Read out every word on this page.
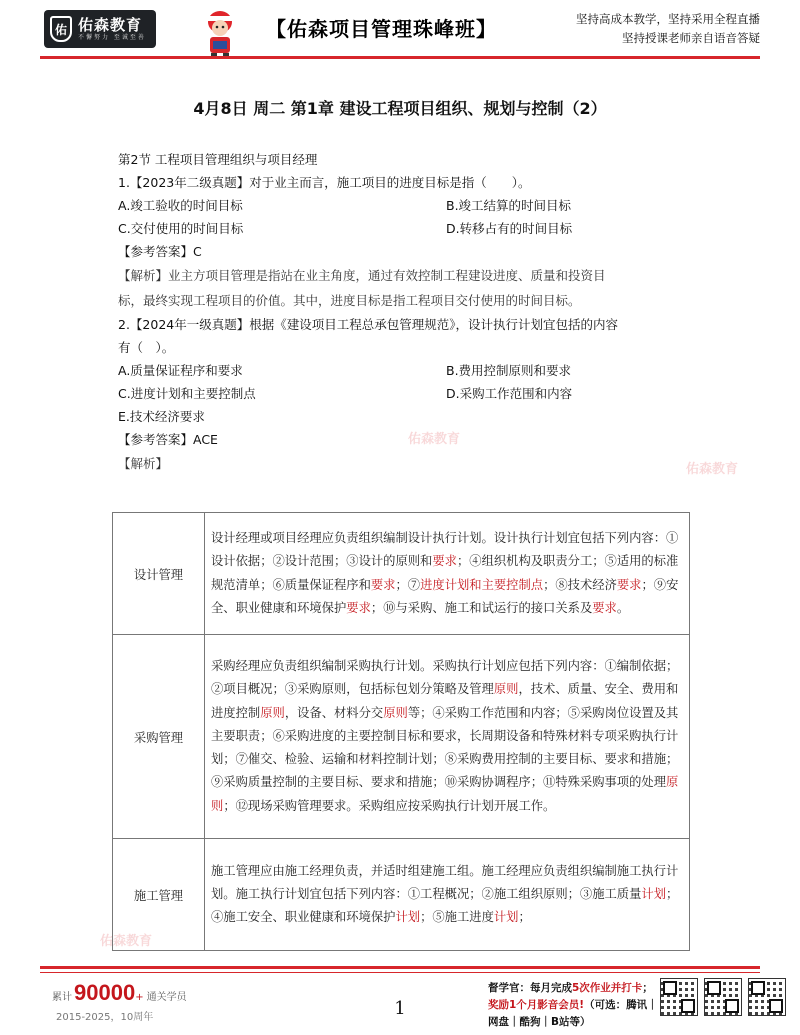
佑 佑森教育
不懈努力 至诚至善	【佑森项目管理珠峰班】	坚持高成本教学，坚持采用全程直播
坚持授课老师亲自语音答疑
佑森教育
佑森教育
佑森教育
4月8日 周二 第1章 建设工程项目组织、规划与控制（2）
第2节 工程项目管理组织与项目经理
1.【2023年二级真题】对于业主而言，施工项目的进度目标是指（　　）。
A.竣工验收的时间目标	B.竣工结算的时间目标
C.交付使用的时间目标	D.转移占有的时间目标
【参考答案】C
【解析】业主方项目管理是指站在业主角度，通过有效控制工程建设进度、质量和投资目
标，最终实现工程项目的价值。其中，进度目标是指工程项目交付使用的时间目标。
2.【2024年一级真题】根据《建设项目工程总承包管理规范》，设计执行计划宜包括的内容
有（　）。
A.质量保证程序和要求	B.费用控制原则和要求
C.进度计划和主要控制点	D.采购工作范围和内容
E.技术经济要求
【参考答案】ACE
【解析】
设计管理	设计经理或项目经理应负责组织编制设计执行计划。设计执行计划宜包括下列内容：①设计依据；②设计范围；③设计的原则和要求；④组织机构及职责分工；⑤适用的标准规范清单；⑥质量保证程序和要求；⑦进度计划和主要控制点；⑧技术经济要求；⑨安全、职业健康和环境保护要求；⑩与采购、施工和试运行的接口关系及要求。
采购管理	采购经理应负责组织编制采购执行计划。采购执行计划应包括下列内容：①编制依据；②项目概况；③采购原则，包括标包划分策略及管理原则，技术、质量、安全、费用和进度控制原则，设备、材料分交原则等；④采购工作范围和内容；⑤采购岗位设置及其主要职责；⑥采购进度的主要控制目标和要求，长周期设备和特殊材料专项采购执行计划；⑦催交、检验、运输和材料控制计划；⑧采购费用控制的主要目标、要求和措施；⑨采购质量控制的主要目标、要求和措施；⑩采购协调程序；⑪特殊采购事项的处理原则；⑫现场采购管理要求。采购组应按采购执行计划开展工作。
施工管理	施工管理应由施工经理负责，并适时组建施工组。施工经理应负责组织编制施工执行计划。施工执行计划宜包括下列内容：①工程概况；②施工组织原则；③施工质量计划；④施工安全、职业健康和环境保护计划；⑤施工进度计划；
累计 90000 + 通关学员
2015-2025，10周年	1
督学官：每月完成5次作业并打卡；
奖励1个月影音会员!（可选：腾讯｜
网盘｜酷狗｜B站等）
